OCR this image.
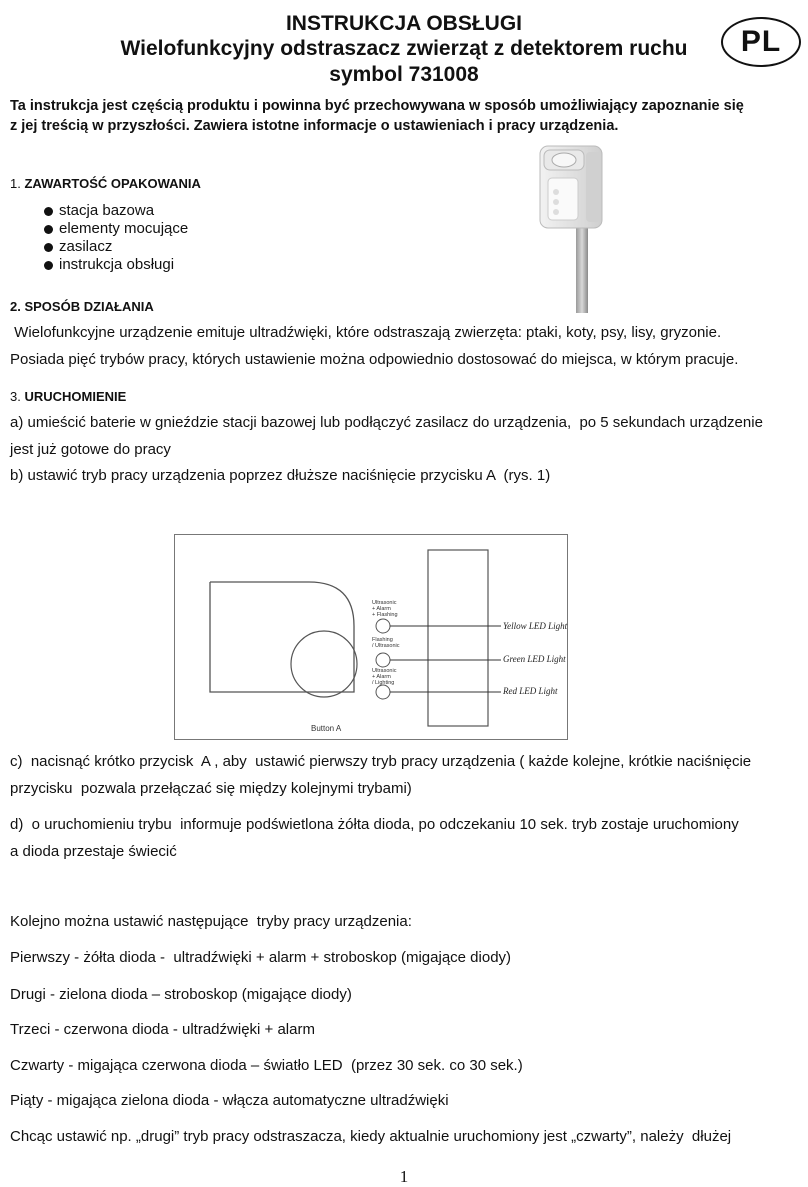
INSTRUKCJA OBSŁUGI
Wielofunkcyjny odstraszacz zwierząt z detektorem ruchu
symbol 731008
PL
Ta instrukcja jest częścią produktu i powinna być przechowywana w sposób umożliwiający zapoznanie się
z jej treścią w przyszłości. Zawiera istotne informacje o ustawieniach i pracy urządzenia.
1. ZAWARTOŚĆ OPAKOWANIA
stacja bazowa
elementy mocujące
zasilacz
instrukcja obsługi
2. SPOSÓB DZIAŁANIA
Wielofunkcyjne urządzenie emituje ultradźwięki, które odstraszają zwierzęta: ptaki, koty, psy, lisy, gryzonie.
Posiada pięć trybów pracy, których ustawienie można odpowiednio dostosować do miejsca, w którym pracuje.
3. URUCHOMIENIE
a) umieścić baterie w gnieździe stacji bazowej lub podłączyć zasilacz do urządzenia,  po 5 sekundach urządzenie
jest już gotowe do pracy
b) ustawić tryb pracy urządzenia poprzez dłuższe naciśnięcie przycisku A  (rys. 1)
Ultrasonic
+ Alarm
+ Flashing
Flashing
/ Ultrasonic
Ultrasonic
+ Alarm
/ Lighting
Yellow LED Light
Green LED Light
Red LED Light
Button A
c)  nacisnąć krótko przycisk  A , aby  ustawić pierwszy tryb pracy urządzenia ( każde kolejne, krótkie naciśnięcie
przycisku  pozwala przełączać się między kolejnymi trybami)
d)  o uruchomieniu trybu  informuje podświetlona żółta dioda, po odczekaniu 10 sek. tryb zostaje uruchomiony
a dioda przestaje świecić
Kolejno można ustawić następujące  tryby pracy urządzenia:
Pierwszy - żółta dioda -  ultradźwięki + alarm + stroboskop (migające diody)
Drugi - zielona dioda – stroboskop (migające diody)
Trzeci - czerwona dioda - ultradźwięki + alarm
Czwarty - migająca czerwona dioda – światło LED  (przez 30 sek. co 30 sek.)
Piąty - migająca zielona dioda - włącza automatyczne ultradźwięki
Chcąc ustawić np. „drugi” tryb pracy odstraszacza, kiedy aktualnie uruchomiony jest „czwarty”, należy  dłużej
1
